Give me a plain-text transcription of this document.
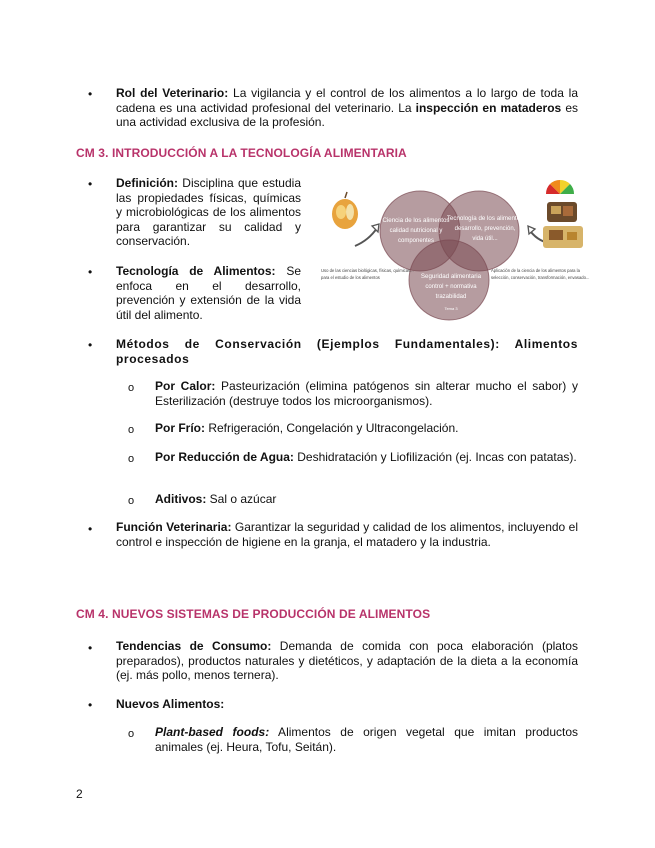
• Rol del Veterinario: La vigilancia y el control de los alimentos a lo largo de toda la cadena es una actividad profesional del veterinario. La inspección en mataderos es una actividad exclusiva de la profesión.
CM 3. INTRODUCCIÓN A LA TECNOLOGÍA ALIMENTARIA
• Definición: Disciplina que estudia las propiedades físicas, químicas y microbiológicas de los alimentos para garantizar su calidad y conservación.
• Tecnología de Alimentos: Se enfoca en el desarrollo, prevención y extensión de la vida útil del alimento.
Ciencia de los alimentos
calidad nutricional y
componentes
Tecnología de los alimentos
desarrollo, prevención,
vida útil...
Seguridad alimentaria
control + normativa
trazabilidad
Tema 3
Uso de las ciencias biológicas, físicas, químicas...
para el estudio de los alimentos
Aplicación de la ciencia de los alimentos para la
selección, conservación, transformación, envasado...
• Métodos de Conservación (Ejemplos Fundamentales): Alimentos procesados
o Por Calor: Pasteurización (elimina patógenos sin alterar mucho el sabor) y Esterilización (destruye todos los microorganismos).
o Por Frío: Refrigeración, Congelación y Ultracongelación.
o Por Reducción de Agua: Deshidratación y Liofilización (ej. Incas con patatas).
o Aditivos: Sal o azúcar
• Función Veterinaria: Garantizar la seguridad y calidad de los alimentos, incluyendo el control e inspección de higiene en la granja, el matadero y la industria.
CM 4. NUEVOS SISTEMAS DE PRODUCCIÓN DE ALIMENTOS
• Tendencias de Consumo: Demanda de comida con poca elaboración (platos preparados), productos naturales y dietéticos, y adaptación de la dieta a la economía (ej. más pollo, menos ternera).
• Nuevos Alimentos:
o Plant-based foods: Alimentos de origen vegetal que imitan productos animales (ej. Heura, Tofu, Seitán).
2
